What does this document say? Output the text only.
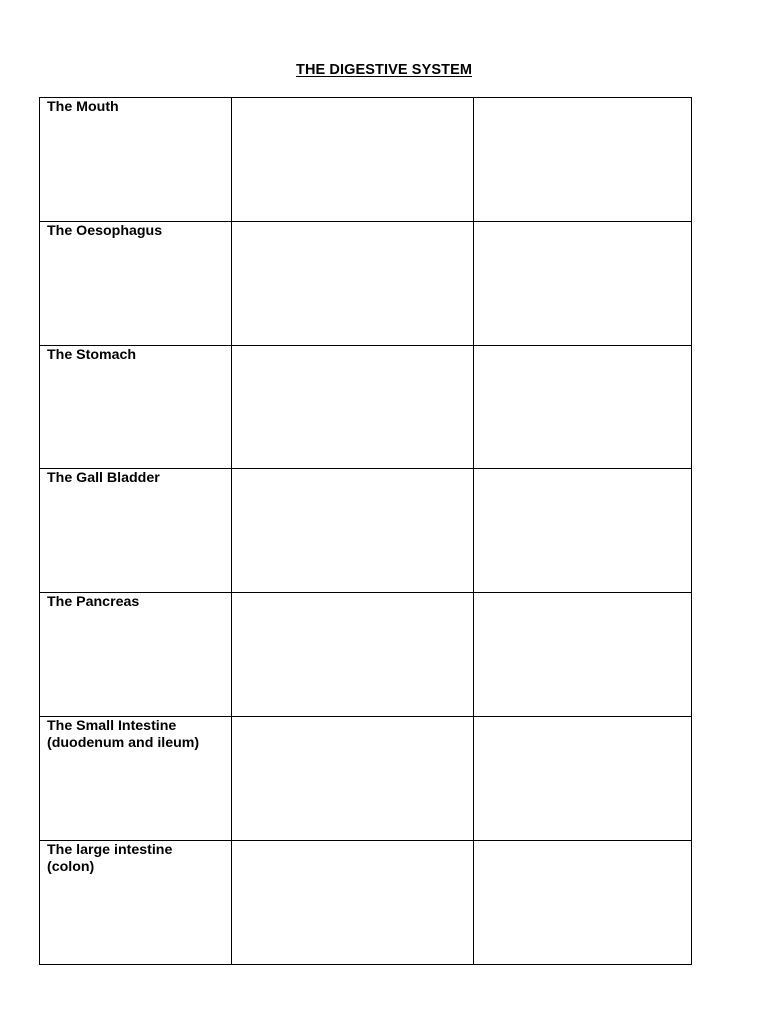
THE DIGESTIVE SYSTEM
The Mouth		

The Oesophagus		

The Stomach		

The Gall Bladder		

The Pancreas		

The Small Intestine
(duodenum and ileum)		

The large intestine
(colon)		
